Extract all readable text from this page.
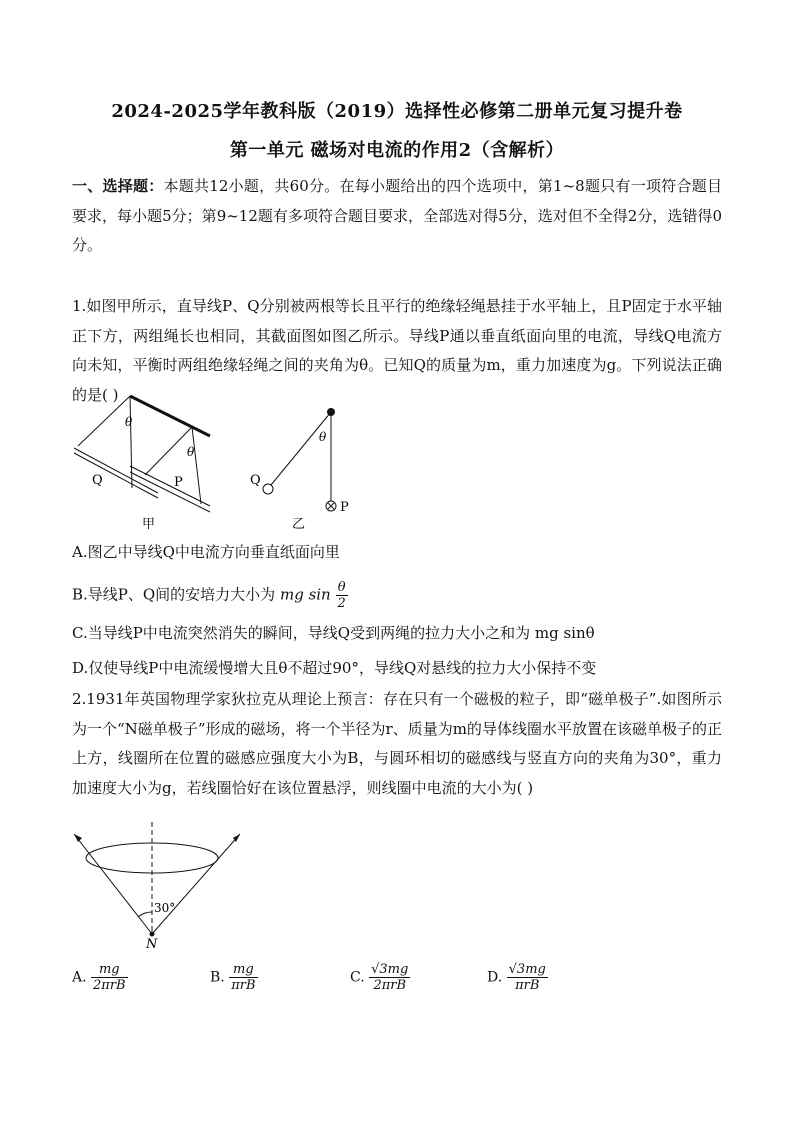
2024-2025学年教科版（2019）选择性必修第二册单元复习提升卷
第一单元 磁场对电流的作用2（含解析）
一、选择题：本题共12小题，共60分。在每小题给出的四个选项中，第1~8题只有一项符合题目要求，每小题5分；第9~12题有多项符合题目要求，全部选对得5分，选对但不全得2分，选错得0分。
1.如图甲所示，直导线P、Q分别被两根等长且平行的绝缘轻绳悬挂于水平轴上，且P固定于水平轴正下方，两组绳长也相同，其截面图如图乙所示。导线P通以垂直纸面向里的电流，导线Q电流方向未知，平衡时两组绝缘轻绳之间的夹角为θ。已知Q的质量为m，重力加速度为g。下列说法正确的是( )
θ
θ
Q	P
甲
θ
Q
P
乙
A.图乙中导线Q中电流方向垂直纸面向里
B.导线P、Q间的安培力大小为 mg $\sin \frac{\theta}{2}$
C.当导线P中电流突然消失的瞬间，导线Q受到两绳的拉力大小之和为 mg sinθ
D.仅使导线P中电流缓慢增大且θ不超过90°，导线Q对悬线的拉力大小保持不变
2.1931年英国物理学家狄拉克从理论上预言：存在只有一个磁极的粒子，即“磁单极子”.如图所示为一个“N磁单极子”形成的磁场，将一个半径为r、质量为m的导体线圈水平放置在该磁单极子的正上方，线圈所在位置的磁感应强度大小为B，与圆环相切的磁感线与竖直方向的夹角为30°，重力加速度大小为g，若线圈恰好在该位置悬浮，则线圈中电流的大小为( )
30°
N
A. $\frac{mg}{\text{2πrB}}$	B. $\frac{mg}{\text{πrB}}$	C. $\frac{√3mg}{\text{2πrB}}$	D. $\frac{√3mg}{\text{πrB}}$
